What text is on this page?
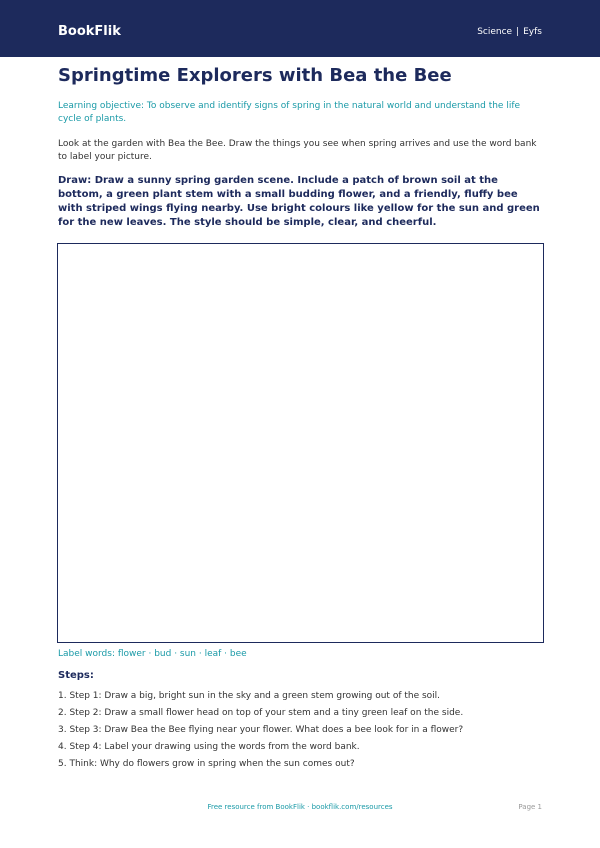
BookFlik	Science | Eyfs
Springtime Explorers with Bea the Bee

Learning objective: To observe and identify signs of spring in the natural world and understand the life cycle of plants.

Look at the garden with Bea the Bee. Draw the things you see when spring arrives and use the word bank to label your picture.

Draw: Draw a sunny spring garden scene. Include a patch of brown soil at the bottom, a green plant stem with a small budding flower, and a friendly, fluffy bee with striped wings flying nearby. Use bright colours like yellow for the sun and green for the new leaves. The style should be simple, clear, and cheerful.

Label words: flower · bud · sun · leaf · bee

Steps:
1. Step 1: Draw a big, bright sun in the sky and a green stem growing out of the soil.
2. Step 2: Draw a small flower head on top of your stem and a tiny green leaf on the side.
3. Step 3: Draw Bea the Bee flying near your flower. What does a bee look for in a flower?
4. Step 4: Label your drawing using the words from the word bank.
5. Think: Why do flowers grow in spring when the sun comes out?
Free resource from BookFlik · bookflik.com/resources	Page 1
